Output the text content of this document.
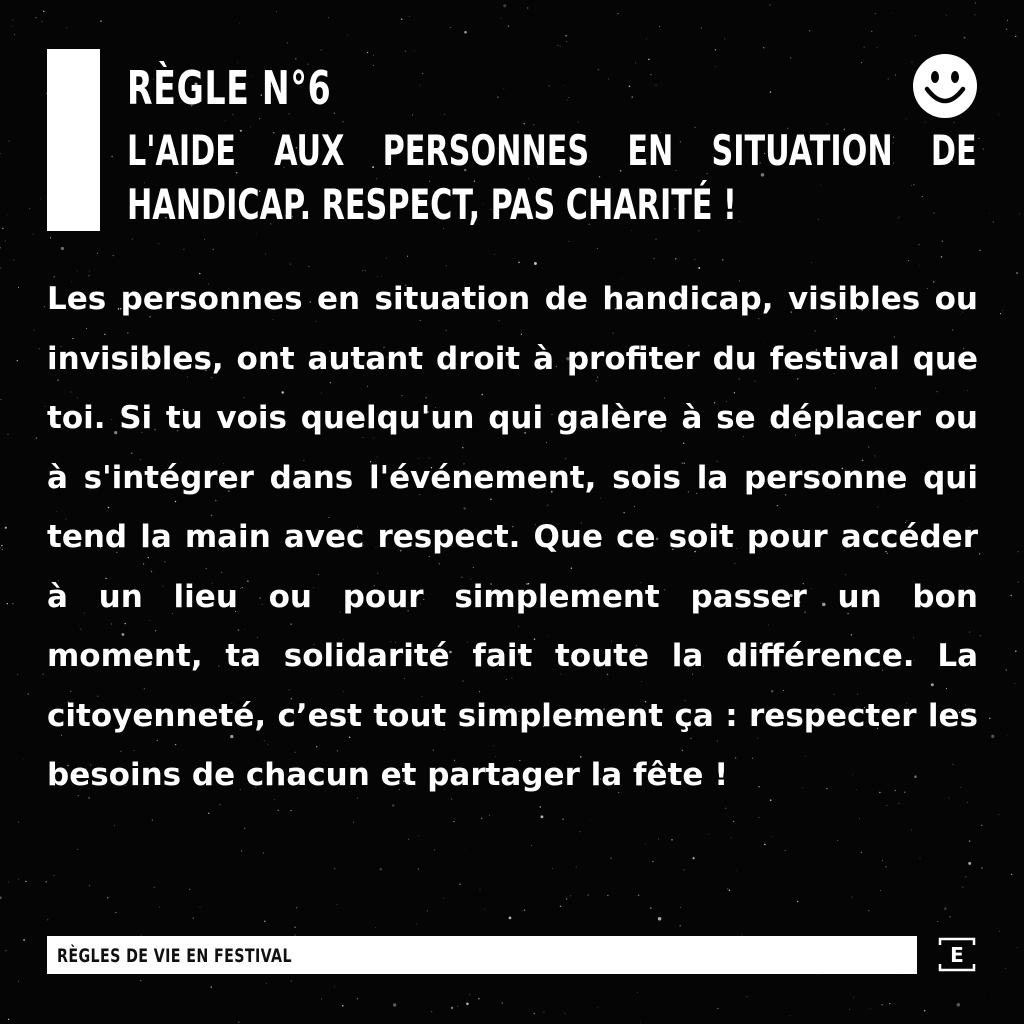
RÈGLE N°6
L'AIDE AUX PERSONNES EN SITUATION DE HANDICAP. RESPECT, PAS CHARITÉ !
Les personnes en situation de handicap, visibles ou invisibles, ont autant droit à profiter du festival que toi. Si tu vois quelqu'un qui galère à se déplacer ou à s'intégrer dans l'événement, sois la personne qui tend la main avec respect. Que ce soit pour accéder à un lieu ou pour simplement passer un bon moment, ta solidarité fait toute la différence. La citoyenneté, c’est tout simplement ça : respecter les besoins de chacun et partager la fête !
RÈGLES DE VIE EN FESTIVAL	E
